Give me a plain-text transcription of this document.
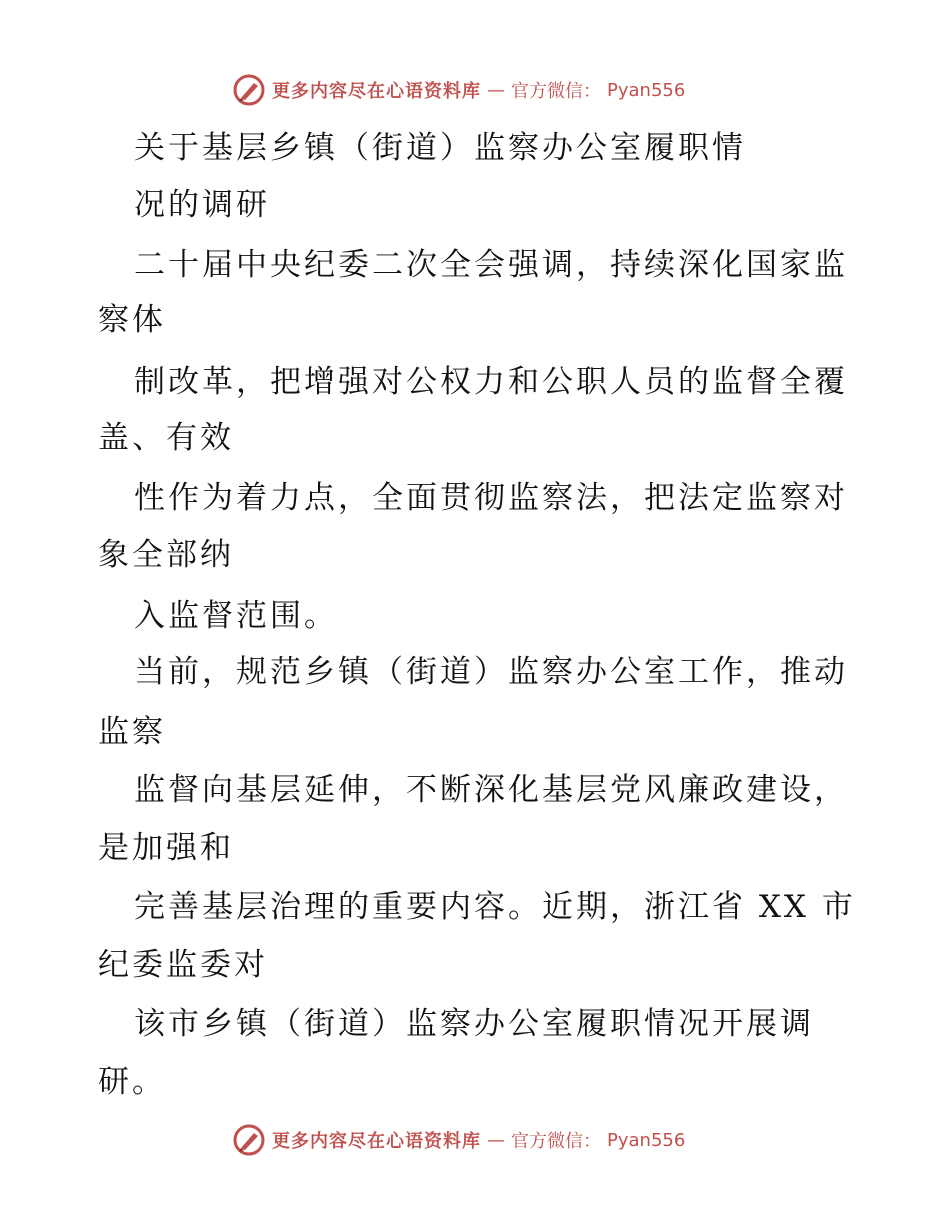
更多内容尽在心语资料库 — 官方微信： Pyan556
关于基层乡镇（街道）监察办公室履职情
况的调研
二十届中央纪委二次全会强调，持续深化国家监
察体
制改革，把增强对公权力和公职人员的监督全覆
盖、有效
性作为着力点，全面贯彻监察法，把法定监察对
象全部纳
入监督范围。
当前，规范乡镇（街道）监察办公室工作，推动
监察
监督向基层延伸，不断深化基层党风廉政建设，
是加强和
完善基层治理的重要内容。近期，浙江省 XX 市
纪委监委对
该市乡镇（街道）监察办公室履职情况开展调
研。
更多内容尽在心语资料库 — 官方微信： Pyan556
